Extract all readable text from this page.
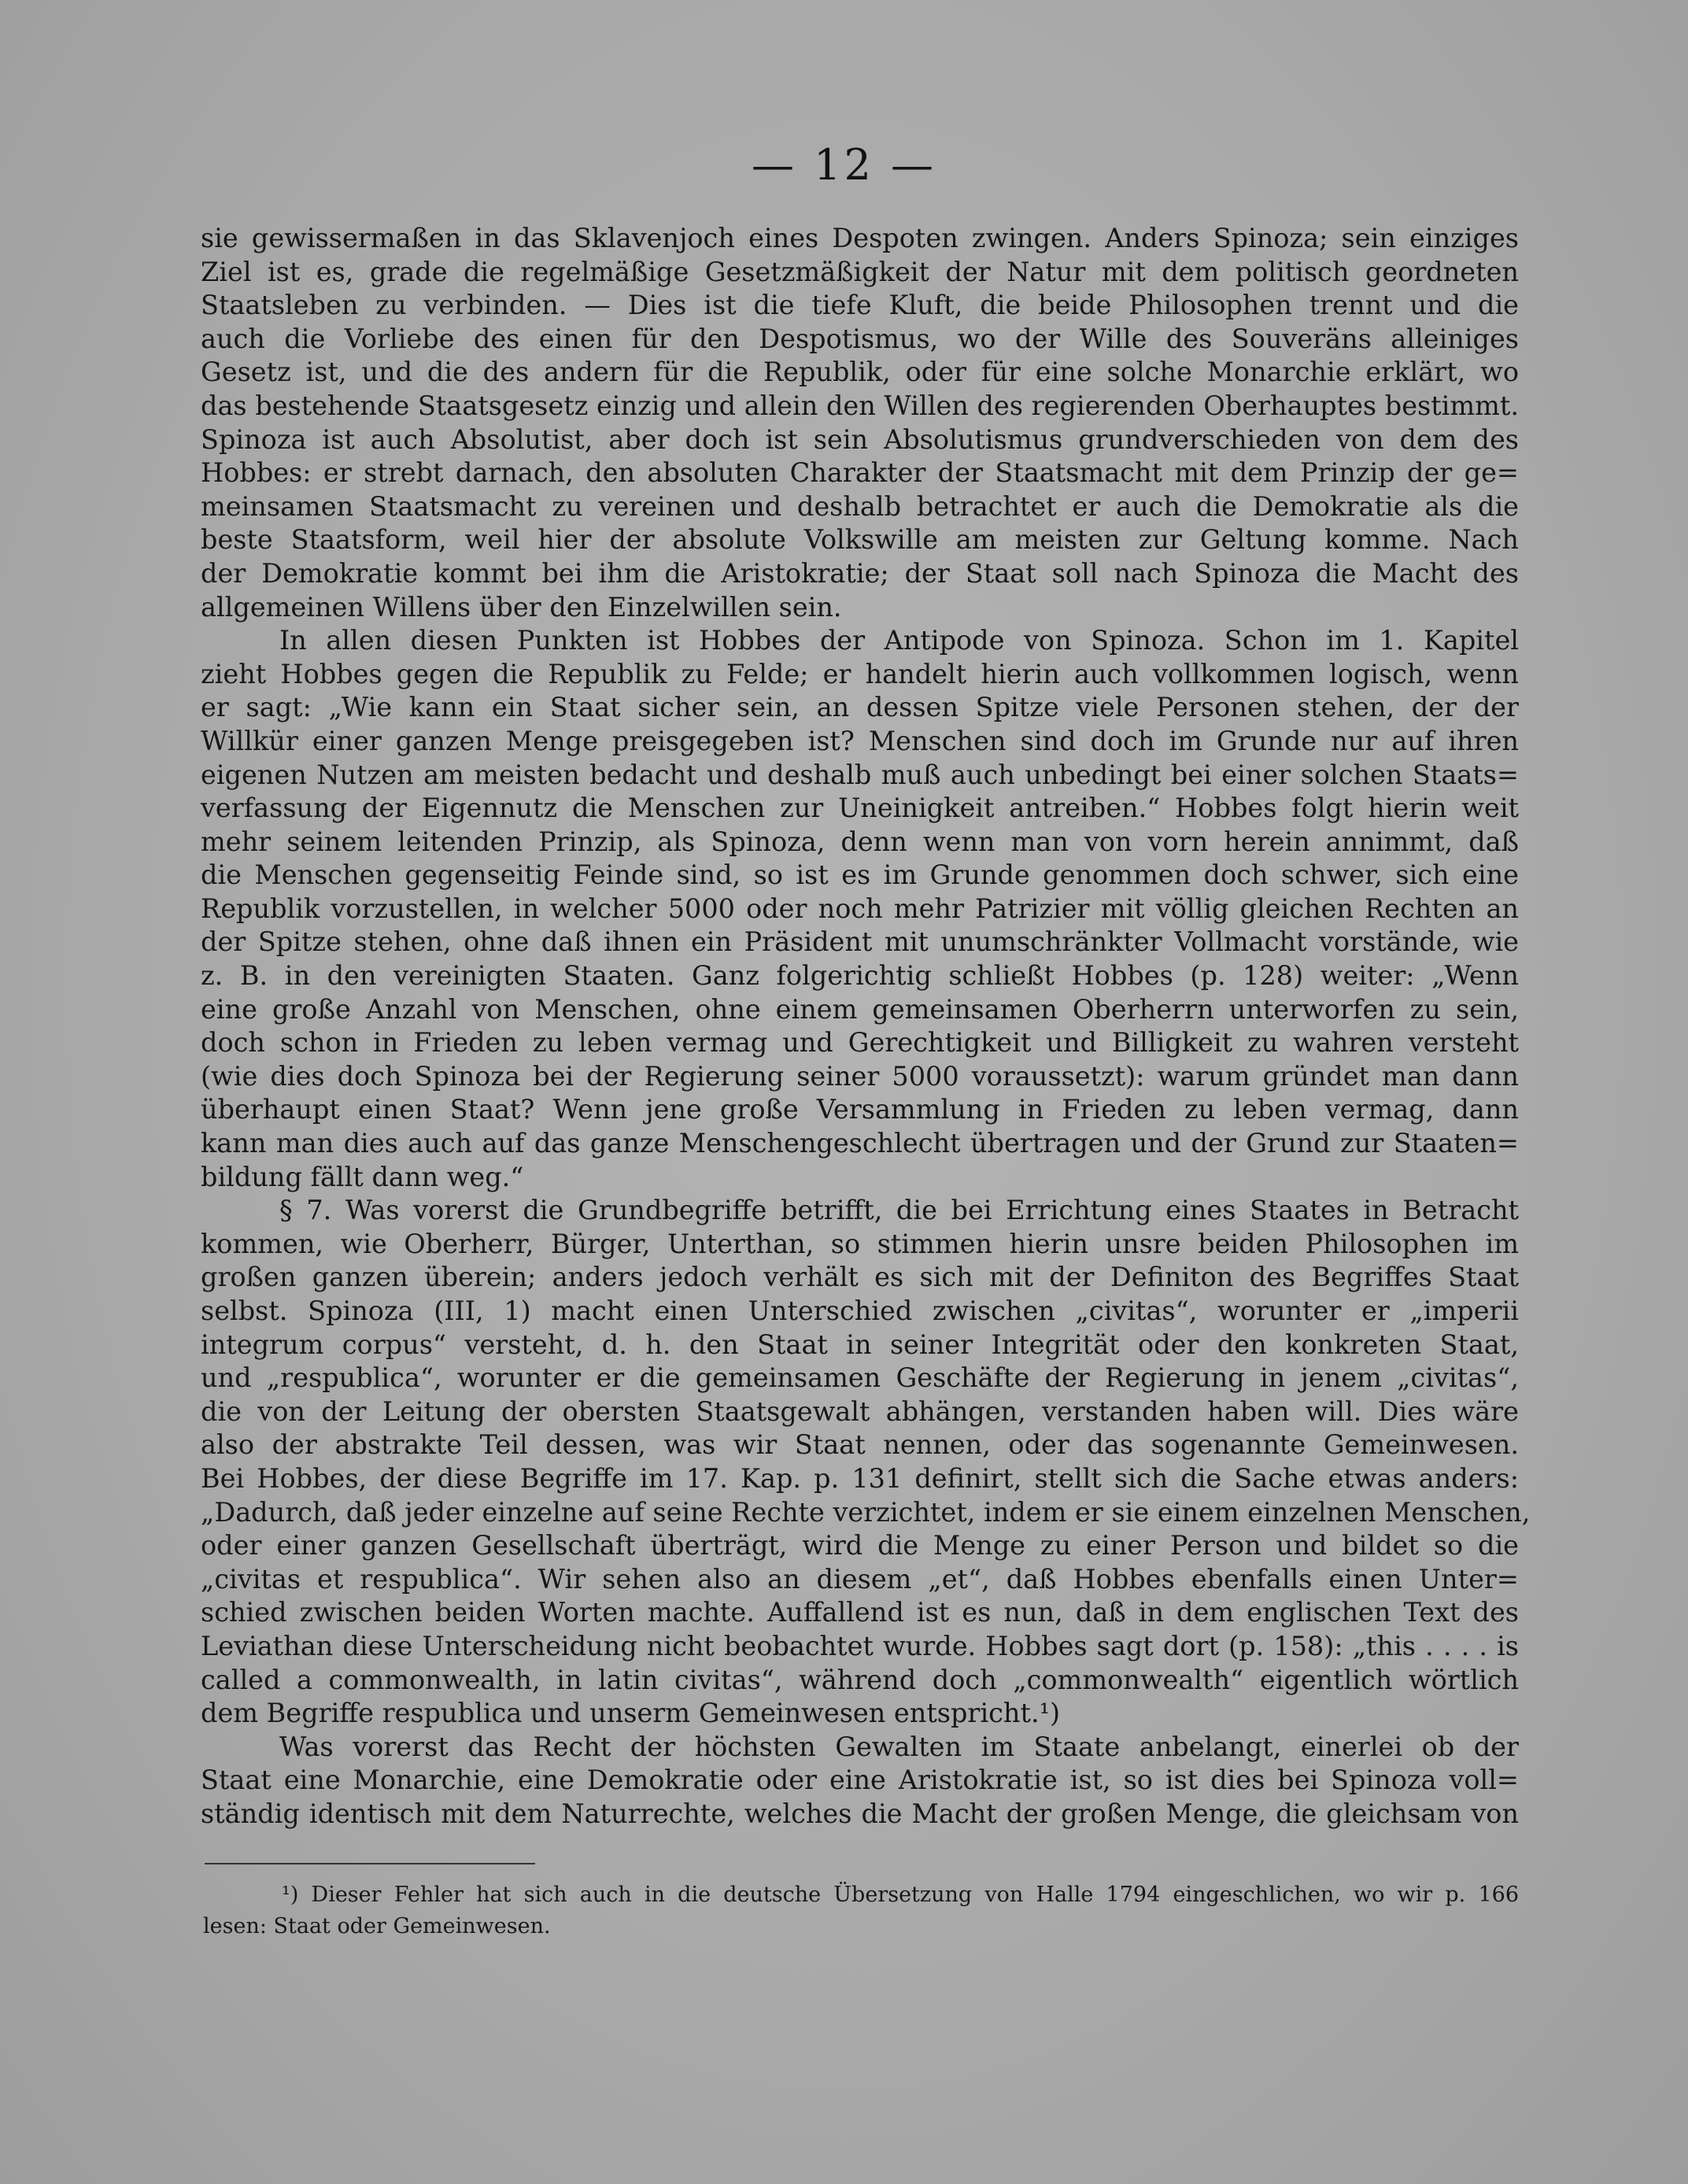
— 12 —
sie gewissermaßen in das Sklavenjoch eines Despoten zwingen. Anders Spinoza; sein einziges
Ziel ist es, grade die regelmäßige Gesetzmäßigkeit der Natur mit dem politisch geordneten
Staatsleben zu verbinden. — Dies ist die tiefe Kluft, die beide Philosophen trennt und die
auch die Vorliebe des einen für den Despotismus, wo der Wille des Souveräns alleiniges
Gesetz ist, und die des andern für die Republik, oder für eine solche Monarchie erklärt, wo
das bestehende Staatsgesetz einzig und allein den Willen des regierenden Oberhauptes bestimmt.
Spinoza ist auch Absolutist, aber doch ist sein Absolutismus grundverschieden von dem des
Hobbes: er strebt darnach, den absoluten Charakter der Staatsmacht mit dem Prinzip der ge=
meinsamen Staatsmacht zu vereinen und deshalb betrachtet er auch die Demokratie als die
beste Staatsform, weil hier der absolute Volkswille am meisten zur Geltung komme. Nach
der Demokratie kommt bei ihm die Aristokratie; der Staat soll nach Spinoza die Macht des
allgemeinen Willens über den Einzelwillen sein.
In allen diesen Punkten ist Hobbes der Antipode von Spinoza. Schon im 1. Kapitel
zieht Hobbes gegen die Republik zu Felde; er handelt hierin auch vollkommen logisch, wenn
er sagt: „Wie kann ein Staat sicher sein, an dessen Spitze viele Personen stehen, der der
Willkür einer ganzen Menge preisgegeben ist? Menschen sind doch im Grunde nur auf ihren
eigenen Nutzen am meisten bedacht und deshalb muß auch unbedingt bei einer solchen Staats=
verfassung der Eigennutz die Menschen zur Uneinigkeit antreiben.“ Hobbes folgt hierin weit
mehr seinem leitenden Prinzip, als Spinoza, denn wenn man von vorn herein annimmt, daß
die Menschen gegenseitig Feinde sind, so ist es im Grunde genommen doch schwer, sich eine
Republik vorzustellen, in welcher 5000 oder noch mehr Patrizier mit völlig gleichen Rechten an
der Spitze stehen, ohne daß ihnen ein Präsident mit unumschränkter Vollmacht vorstände, wie
z. B. in den vereinigten Staaten. Ganz folgerichtig schließt Hobbes (p. 128) weiter: „Wenn
eine große Anzahl von Menschen, ohne einem gemeinsamen Oberherrn unterworfen zu sein,
doch schon in Frieden zu leben vermag und Gerechtigkeit und Billigkeit zu wahren versteht
(wie dies doch Spinoza bei der Regierung seiner 5000 voraussetzt): warum gründet man dann
überhaupt einen Staat? Wenn jene große Versammlung in Frieden zu leben vermag, dann
kann man dies auch auf das ganze Menschengeschlecht übertragen und der Grund zur Staaten=
bildung fällt dann weg.“
§ 7. Was vorerst die Grundbegriffe betrifft, die bei Errichtung eines Staates in Betracht
kommen, wie Oberherr, Bürger, Unterthan, so stimmen hierin unsre beiden Philosophen im
großen ganzen überein; anders jedoch verhält es sich mit der Definiton des Begriffes Staat
selbst. Spinoza (III, 1) macht einen Unterschied zwischen „civitas“, worunter er „imperii
integrum corpus“ versteht, d. h. den Staat in seiner Integrität oder den konkreten Staat,
und „respublica“, worunter er die gemeinsamen Geschäfte der Regierung in jenem „civitas“,
die von der Leitung der obersten Staatsgewalt abhängen, verstanden haben will. Dies wäre
also der abstrakte Teil dessen, was wir Staat nennen, oder das sogenannte Gemeinwesen.
Bei Hobbes, der diese Begriffe im 17. Kap. p. 131 definirt, stellt sich die Sache etwas anders:
„Dadurch, daß jeder einzelne auf seine Rechte verzichtet, indem er sie einem einzelnen Menschen,
oder einer ganzen Gesellschaft überträgt, wird die Menge zu einer Person und bildet so die
„civitas et respublica“. Wir sehen also an diesem „et“, daß Hobbes ebenfalls einen Unter=
schied zwischen beiden Worten machte. Auffallend ist es nun, daß in dem englischen Text des
Leviathan diese Unterscheidung nicht beobachtet wurde. Hobbes sagt dort (p. 158): „this . . . . is
called a commonwealth, in latin civitas“, während doch „commonwealth“ eigentlich wörtlich
dem Begriffe respublica und unserm Gemeinwesen entspricht.¹)
Was vorerst das Recht der höchsten Gewalten im Staate anbelangt, einerlei ob der
Staat eine Monarchie, eine Demokratie oder eine Aristokratie ist, so ist dies bei Spinoza voll=
ständig identisch mit dem Naturrechte, welches die Macht der großen Menge, die gleichsam von
¹) Dieser Fehler hat sich auch in die deutsche Übersetzung von Halle 1794 eingeschlichen, wo wir p. 166
lesen: Staat oder Gemeinwesen.
